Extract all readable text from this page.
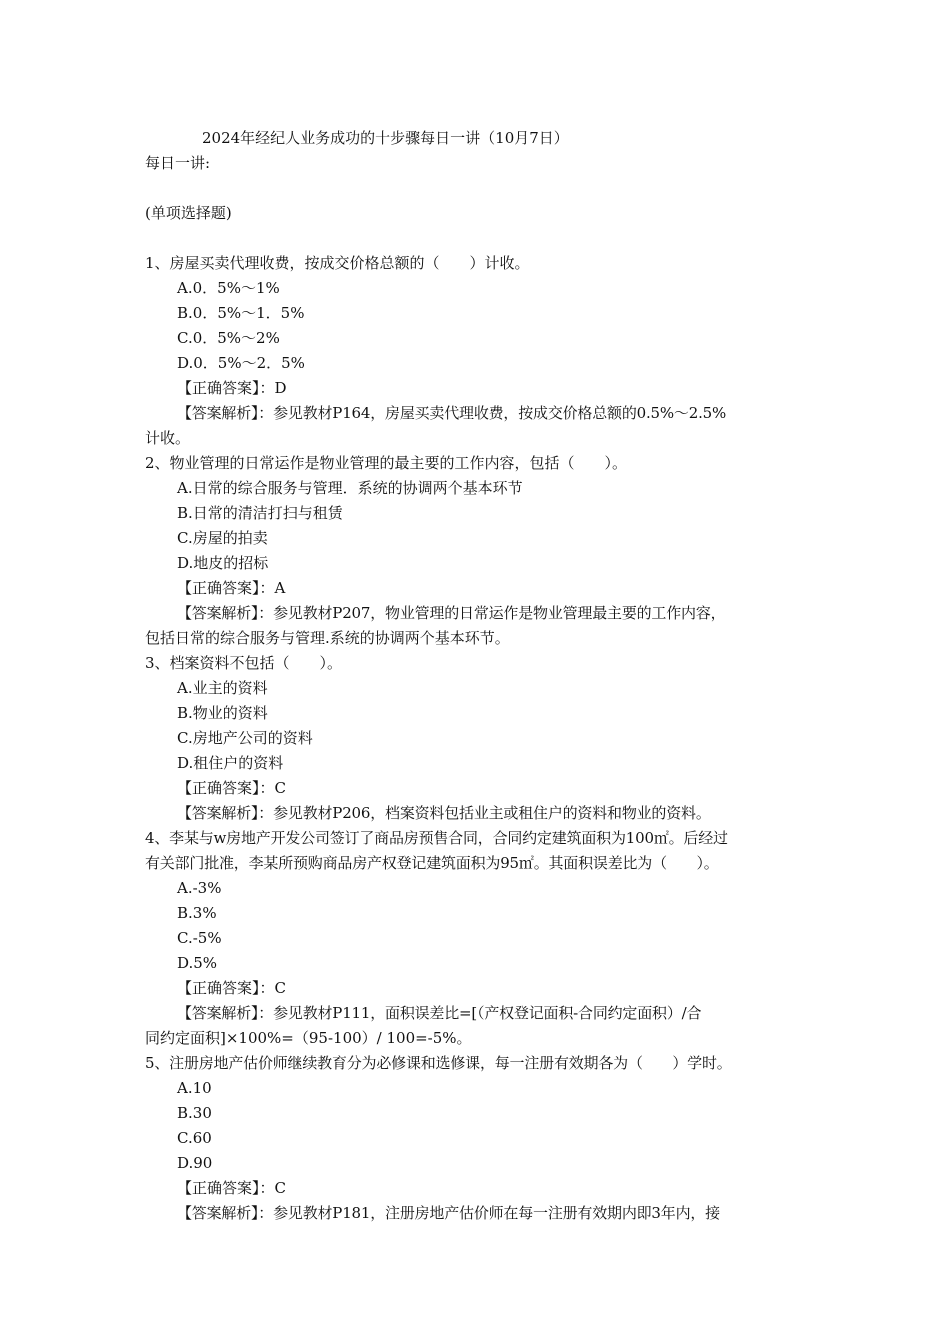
2024年经纪人业务成功的十步骤每日一讲（10月7日）
每日一讲:
(单项选择题)
1、房屋买卖代理收费，按成交价格总额的（　　）计收。
A.0．5%～1%
B.0．5%～1．5%
C.0．5%～2%
D.0．5%～2．5%
【正确答案】：D
【答案解析】：参见教材P164，房屋买卖代理收费，按成交价格总额的0.5%～2.5%
计收。
2、物业管理的日常运作是物业管理的最主要的工作内容，包括（　　）。
A.日常的综合服务与管理．系统的协调两个基本环节
B.日常的清洁打扫与租赁
C.房屋的拍卖
D.地皮的招标
【正确答案】：A
【答案解析】：参见教材P207，物业管理的日常运作是物业管理最主要的工作内容，
包括日常的综合服务与管理.系统的协调两个基本环节。
3、档案资料不包括（　　）。
A.业主的资料
B.物业的资料
C.房地产公司的资料
D.租住户的资料
【正确答案】：C
【答案解析】：参见教材P206，档案资料包括业主或租住户的资料和物业的资料。
4、李某与w房地产开发公司签订了商品房预售合同，合同约定建筑面积为100㎡。后经过
有关部门批准，李某所预购商品房产权登记建筑面积为95㎡。其面积误差比为（　　）。
A.-3%
B.3%
C.-5%
D.5%
【正确答案】：C
【答案解析】：参见教材P111，面积误差比=[（产权登记面积-合同约定面积）/合
同约定面积]×100%=（95-100）/ 100=-5%。
5、注册房地产估价师继续教育分为必修课和选修课，每一注册有效期各为（　　）学时。
A.10
B.30
C.60
D.90
【正确答案】：C
【答案解析】：参见教材P181，注册房地产估价师在每一注册有效期内即3年内，接
